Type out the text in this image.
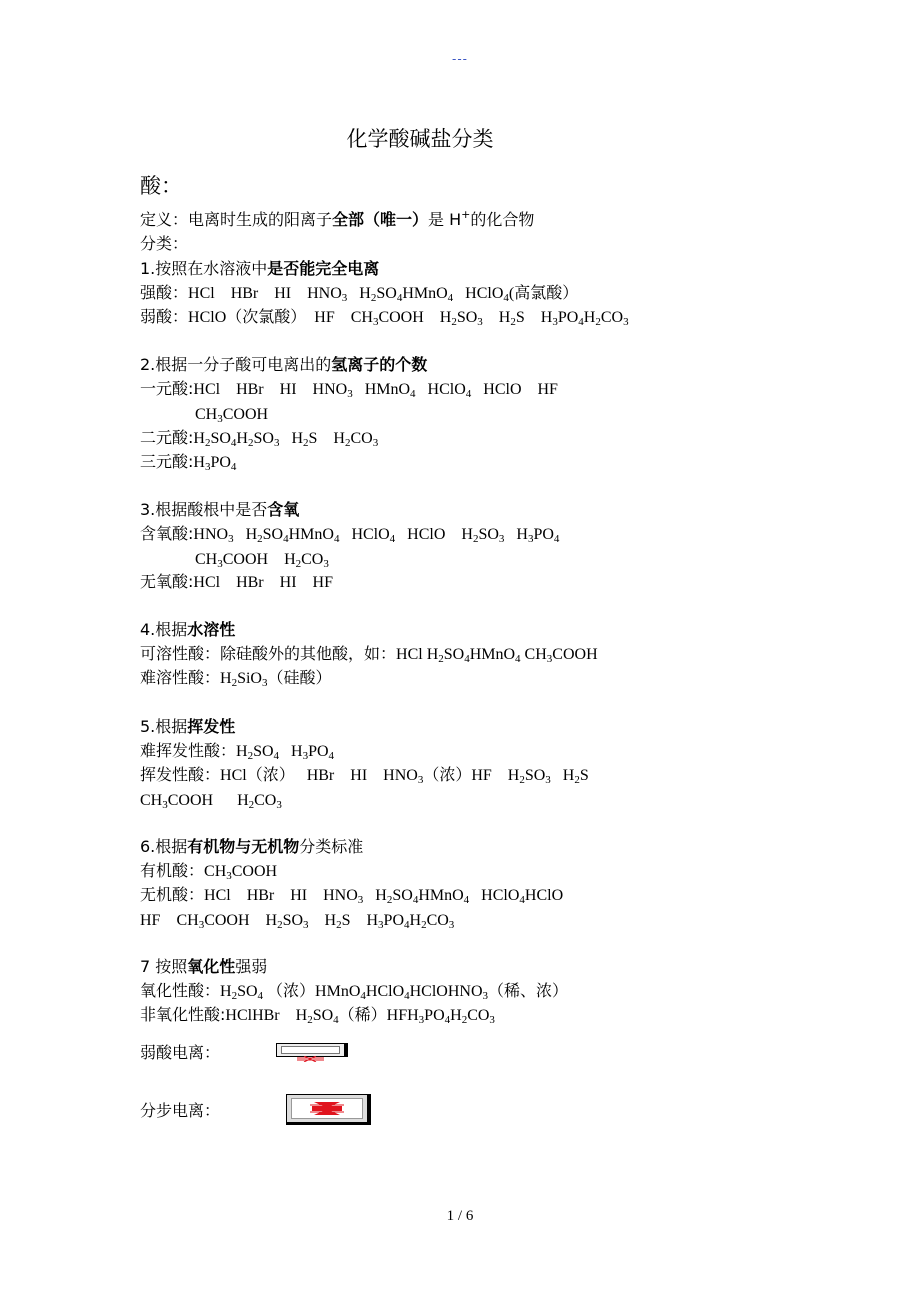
---
化学酸碱盐分类
酸：
定义：电离时生成的阳离子全部（唯一）是 H+的化合物
分类：
1.按照在水溶液中是否能完全电离
强酸：HCl    HBr    HI    $HNO_3$   $H_2SO_4HMnO_4$   HClO$_4$(高氯酸）
弱酸：HClO（次氯酸）  HF    $CH_3COOH$    $H_2SO_3$    $H_2S$    $H_3PO_4H_2CO_3$
2.根据一分子酸可电离出的氢离子的个数
一元酸:HCl    HBr    HI    $HNO_3$   HMnO$_4$   HClO$_4$   HClO    HF
$CH_3COOH$
二元酸$:H_2SO_4H_2SO_3$   $H_2S$    $H_2CO_3$
三元酸$:H_3PO_4$
3.根据酸根中是否含氧
含氧酸$:HNO_3$   $H_2SO_4HMnO_4$   HClO$_4$   HClO    $H_2SO_3$   $H_3PO_4$
$CH_3COOH$    $H_2CO_3$
无氧酸:HCl    HBr    HI    HF
4.根据水溶性
可溶性酸：除硅酸外的其他酸，如：HCl $H_2SO_4HMnO_4$ $CH_3COOH$
难溶性酸：$H_2SiO_3$（硅酸）
5.根据挥发性
难挥发性酸：$H_2SO_4$   $H_3PO_4$
挥发性酸：HCl（浓）   HBr    HI    $HNO_3$（浓）HF    $H_2SO_3$   $H_2S$
$CH_3COOH$      $H_2CO_3$
6.根据有机物与无机物分类标准
有机酸：$CH_3COOH$
无机酸：HCl    HBr    HI    $HNO_3$   $H_2SO_4HMnO_4$   HClO$_4$HClO
HF    $CH_3COOH$    $H_2SO_3$    $H_2S$    $H_3PO_4H_2CO_3$
7 按照氧化性强弱
氧化性酸：$H_2SO_4$ （浓）HMnO$_4$HClO$_4$HClOHNO$_3$（稀、浓）
非氧化性酸:HClHBr    $H_2SO_4$（稀）$HFH_3PO_4H_2CO_3$
弱酸电离：
分步电离：
1 / 6
